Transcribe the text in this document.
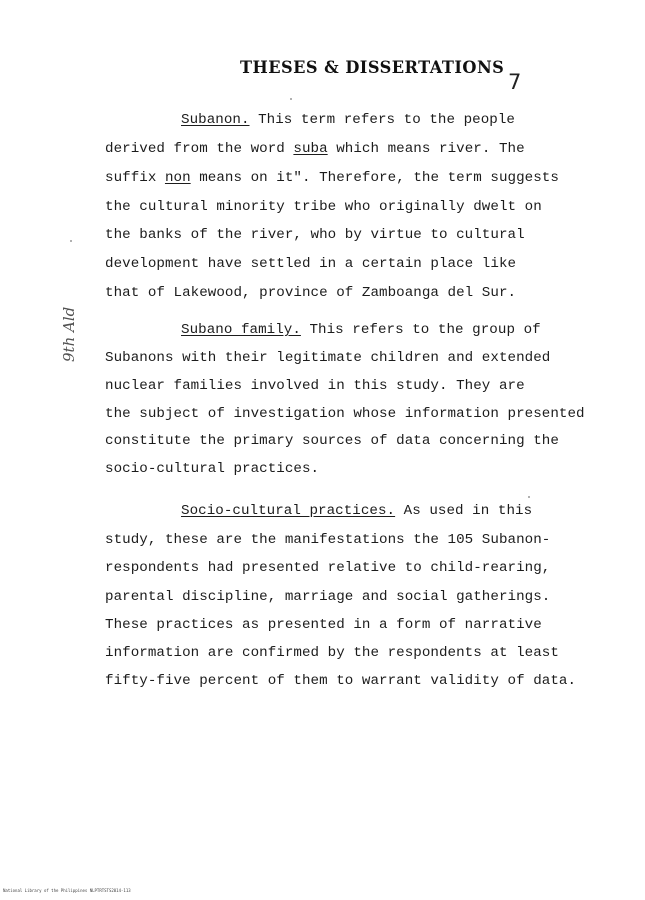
THESES & DISSERTATIONS
7
Subanon. This term refers to the people
derived from the word suba which means river. The
suffix non means on it". Therefore, the term suggests
the cultural minority tribe who originally dwelt on
the banks of the river, who by virtue to cultural
development have settled in a certain place like
that of Lakewood, province of Zamboanga del Sur.
Subano family. This refers to the group of
Subanons with their legitimate children and extended
nuclear families involved in this study. They are
the subject of investigation whose information presented
constitute the primary sources of data concerning the
socio-cultural practices.
Socio-cultural practices. As used in this
study, these are the manifestations the 105 Subanon-
respondents had presented relative to child-rearing,
parental discipline, marriage and social gatherings.
These practices as presented in a form of narrative
information are confirmed by the respondents at least
fifty-five percent of them to warrant validity of data.
9th Ald
National Library of the Philippines NLPTRTSTS2014-113
